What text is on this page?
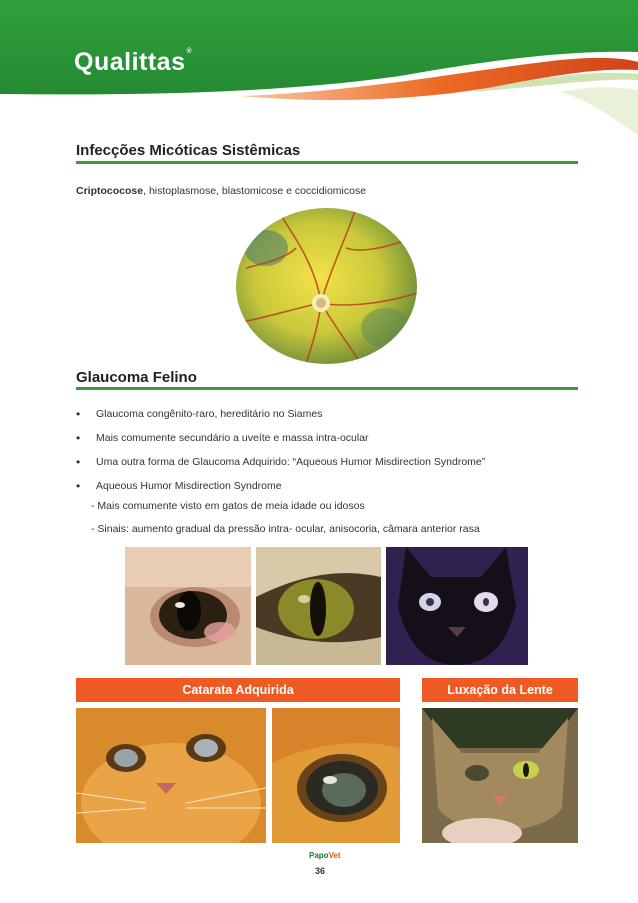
Qualittas®
Infecções Micóticas Sistêmicas
Criptococose, histoplasmose, blastomicose e coccidiomicose
Glaucoma Felino
• Glaucoma congênito-raro, hereditário no Siames
• Mais comumente secundário a uveíte e massa intra-ocular
• Uma outra forma de Glaucoma Adquirido: “Aqueous Humor Misdirection Syndrome”
• Aqueous Humor Misdirection Syndrome
- Mais comumente visto em gatos de meia idade ou idosos
- Sinais: aumento gradual da pressão intra- ocular, anisocoria, câmara anterior rasa
Catarata Adquirida	Luxação da Lente
PapoVet
36
